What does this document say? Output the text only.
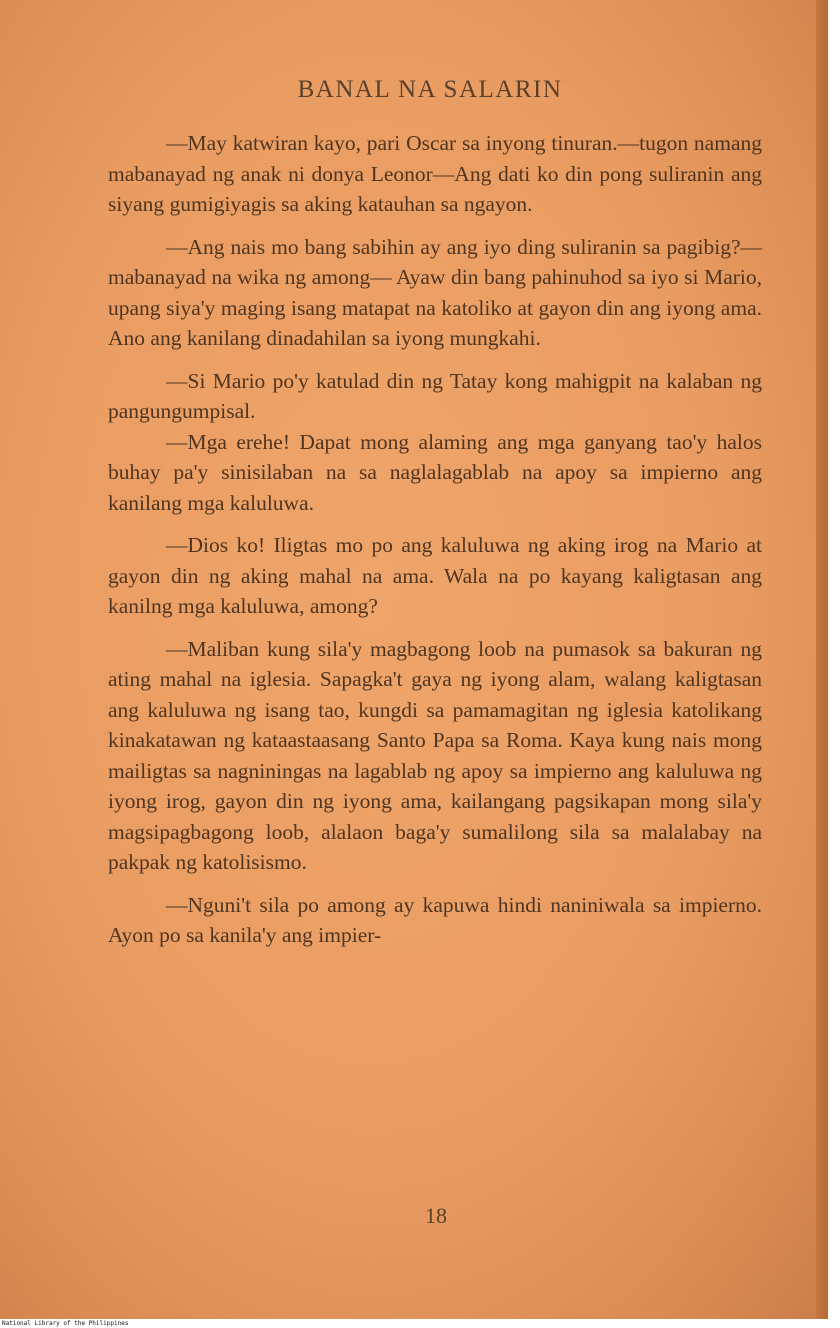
BANAL NA SALARIN

—May katwiran kayo, pari Oscar sa inyong tinuran.—tugon namang mabanayad ng anak ni donya Leonor—Ang dati ko din pong suliranin ang siyang gumigiyagis sa aking katauhan sa ngayon.

—Ang nais mo bang sabihin ay ang iyo ding suliranin sa pagibig?—mabanayad na wika ng among— Ayaw din bang pahinuhod sa iyo si Mario, upang siya'y maging isang matapat na katoliko at gayon din ang iyong ama. Ano ang kanilang dinadahilan sa iyong mungkahi.

—Si Mario po'y katulad din ng Tatay kong mahigpit na kalaban ng pangungumpisal.

—Mga erehe! Dapat mong alaming ang mga ganyang tao'y halos buhay pa'y sinisilaban na sa naglalagablab na apoy sa impierno ang kanilang mga kaluluwa.

—Dios ko! Iligtas mo po ang kaluluwa ng aking irog na Mario at gayon din ng aking mahal na ama. Wala na po kayang kaligtasan ang kanilng mga kaluluwa, among?

—Maliban kung sila'y magbagong loob na pumasok sa bakuran ng ating mahal na iglesia. Sapagka't gaya ng iyong alam, walang kaligtasan ang kaluluwa ng isang tao, kungdi sa pamamagitan ng iglesia katolikang kinakatawan ng kataastaasang Santo Papa sa Roma. Kaya kung nais mong mailigtas sa nagniningas na lagablab ng apoy sa impierno ang kaluluwa ng iyong irog, gayon din ng iyong ama, kailangang pagsikapan mong sila'y magsipagbagong loob, alalaon baga'y sumalilong sila sa malalabay na pakpak ng katolisismo.

—Nguni't sila po among ay kapuwa hindi naniniwala sa impierno. Ayon po sa kanila'y ang impier-

18
National Library of the Philippines
